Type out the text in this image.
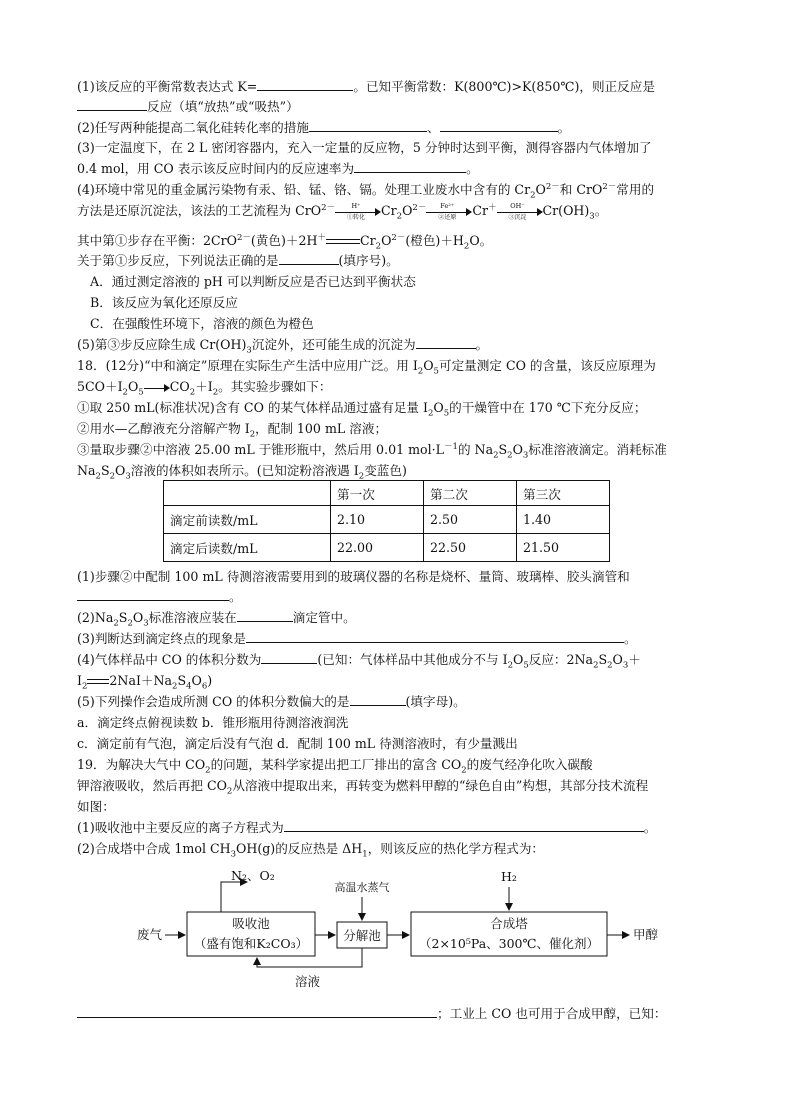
(1)该反应的平衡常数表达式 K=	。已知平衡常数：K(800℃)>K(850℃)，则正反应是
反应（填“放热”或“吸热”）
(2)任写两种能提高二氧化硅转化率的措施	、	。
(3)一定温度下，在 2 L 密闭容器内，充入一定量的反应物，5 分钟时达到平衡，测得容器内气体增加了
0.4 mol，用 CO 表示该反应时间内的反应速率为	。
(4)环境中常见的重金属污染物有汞、铅、锰、铬、镉。处理工业废水中含有的 $Cr_2O_{2-}$和 CrO$_{2-}$常用的
方法是还原沉淀法，该法的工艺流程为 CrO$^{2-}$	H⁺
①转化	$Cr_2O^{2-}$	Fe²⁺
②还原	Cr＋	OH⁻
③沉淀	$Cr(OH)_3$。
其中第①步存在平衡：2CrO$^{2-}$(黄色)＋2H＋	$Cr_2O^{2-}$(橙色)$+H_2O$。
关于第①步反应，下列说法正确的是	(填序号)。
A．通过测定溶液的 pH 可以判断反应是否已达到平衡状态
B．该反应为氧化还原反应
C．在强酸性环境下，溶液的颜色为橙色
(5)第③步反应除生成 $Cr(OH)_3$沉淀外，还可能生成的沉淀为	。
18．(12分)“中和滴定”原理在实际生产生活中应用广泛。用 $I_2O_5$可定量测定 CO 的含量，该反应原理为
$5CO+I_2O_5$ $CO_2+I_2$。其实验步骤如下：
①取 250 mL(标准状况)含有 CO 的某气体样品通过盛有足量 $I_2O_5$的干燥管中在 170 ℃下充分反应；
②用水—乙醇液充分溶解产物 $I_2$，配制 100 mL 溶液；
③量取步骤②中溶液 25.00 mL 于锥形瓶中，然后用 0.01 $mol\cdot L^{-1}$的 $Na_2S_2O_3$标准溶液滴定。消耗标准
$Na_2S_2O_3$溶液的体积如表所示。(已知淀粉溶液遇 $I_2$变蓝色)
	第一次	第二次	第三次
滴定前读数/mL	2.10	2.50	1.40
滴定后读数/mL	22.00	22.50	21.50
(1)步骤②中配制 100 mL 待测溶液需要用到的玻璃仪器的名称是烧杯、量筒、玻璃棒、胶头滴管和
。
$(2)Na_2S_2O_3$标准溶液应装在	滴定管中。
(3)判断达到滴定终点的现象是	。
(4)气体样品中 CO 的体积分数为	(已知：气体样品中其他成分不与 $I_2O_5$反应：$2Na_2S_2O_3+$
$I_2$ $2NaI+Na_2S_4O_6$)
(5)下列操作会造成所测 CO 的体积分数偏大的是	(填字母)。
a．滴定终点俯视读数 b．锥形瓶用待测溶液润洗
c．滴定前有气泡，滴定后没有气泡 d．配制 100 mL 待测溶液时，有少量溅出
19．为解决大气中 $CO_2$的问题，某科学家提出把工厂排出的富含 $CO_2$的废气经净化吹入碳酸
钾溶液吸收，然后再把 $CO_2$从溶液中提取出来，再转变为燃料甲醇的“绿色自由”构想，其部分技术流程
如图：
(1)吸收池中主要反应的离子方程式为	。
(2)合成塔中合成 1mol $CH_3OH(g)$的反应热是 $\Delta H_1$，则该反应的热化学方程式为：
废气
吸收池
（盛有饱和K₂CO₃）
N₂、O₂
分解池
高温水蒸气
溶液
合成塔
（2×10⁵Pa、300℃、催化剂）
H₂
甲醇
；工业上 CO 也可用于合成甲醇，已知：
